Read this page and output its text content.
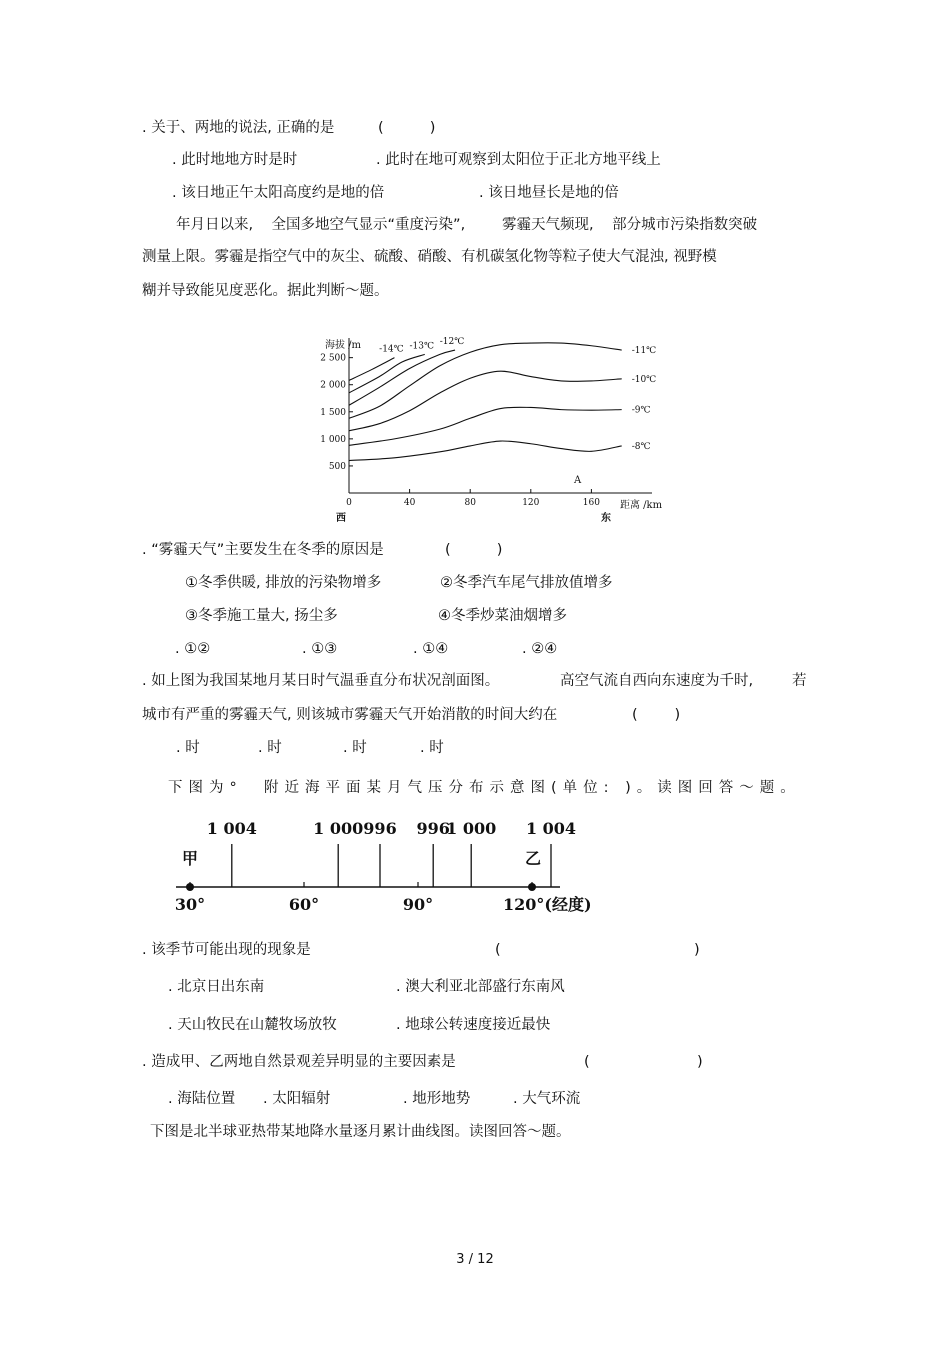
. 关于、两地的说法, 正确的是	(          )
. 此时地地方时是时	. 此时在地可观察到太阳位于正北方地平线上
. 该日地正午太阳高度约是地的倍	. 该日地昼长是地的倍
年月日以来,    全国多地空气显示“重度污染”,        雾霾天气频现,    部分城市污染指数突破
测量上限。雾霾是指空气中的灰尘、硫酸、硝酸、有机碳氢化物等粒子使大气混浊, 视野模
糊并导致能见度恶化。据此判断～题。
海拔 /m
500
1 000
1 500
2 000
2 500
0	40	80	120	160
-8℃
-9℃
-10℃
-11℃
-12℃
-13℃
-14℃
距离 /km
西	东
A
. “雾霾天气”主要发生在冬季的原因是	(          )
①冬季供暖, 排放的污染物增多	②冬季汽车尾气排放值增多
③冬季施工量大, 扬尘多	④冬季炒菜油烟增多
. ①②	. ①③	. ①④	. ②④
. 如上图为我国某地月某日时气温垂直分布状况剖面图。	高空气流自西向东速度为千时,	若
城市有严重的雾霾天气, 则该城市雾霾天气开始消散的时间大约在	(        )
. 时	. 时	. 时	. 时
下图为°  附近海平面某月气压分布示意图(单位: )。读图回答～题。
1 004	1 000 996 996
1 000 1 004
30°	60°	90°	120°(经度)
甲	乙
. 该季节可能出现的现象是	(	)
. 北京日出东南	. 澳大利亚北部盛行东南风
. 天山牧民在山麓牧场放牧	. 地球公转速度接近最快
. 造成甲、乙两地自然景观差异明显的主要因素是	(	)
. 海陆位置 . 太阳辐射	. 地形地势	. 大气环流
下图是北半球亚热带某地降水量逐月累计曲线图。读图回答～题。
3 / 12
